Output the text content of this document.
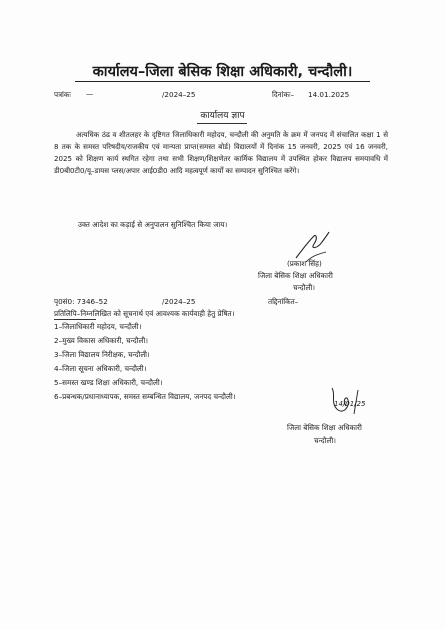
कार्यालय–जिला बेसिक शिक्षा अधिकारी, चन्दौली।
पत्रांकः —	/2024–25	दिनांकः– 14.01.2025
कार्यालय ज्ञाप
अत्यधिक ठंढ व शीतलहर के दृष्टिगत जिलाधिकारी महोदय, चन्दौली की अनुमति के क्रम में जनपद में संचालित कक्षा 1 से 8 तक के समस्त परिषदीय/राजकीय एवं मान्यता प्राप्त(समस्त बोर्ड) विद्यालयों में दिनांक 15 जनवरी, 2025 एवं 16 जनवरी, 2025 को शिक्षण कार्य स्थगित रहेगा तथा सभी शिक्षण/शिक्षणेतर कार्मिक विद्यालय में उपस्थित होकर विद्यालय समयावधि में डी0बी0टी0/यू–डायस प्लस/अपार आई0डी0 आदि महत्वपूर्ण कार्यों का सम्पादन सुनिश्चित करेंगे।
उक्त आदेश का कड़ाई से अनुपालन सुनिश्चित किया जाय।
(प्रकाश सिंह)
जिला बेसिक शिक्षा अधिकारी
चन्दौली।
पृ0सं0: 7346–52	/2024–25	तद्दिनांकित–
प्रतिलिपि–निम्नलिखित को सूचनार्थ एवं आवश्यक कार्यवाही हेतु प्रेषित।
1–जिलाधिकारी महोदय, चन्दौली।
2–मुख्य विकास अधिकारी, चन्दौली।
3–जिला विद्यालय निरीक्षक, चन्दौली।
4–जिला सूचना अधिकारी, चन्दौली।
5–समस्त खण्ड शिक्षा अधिकारी, चन्दौली।
6–प्रबन्धक/प्रधानाध्यापक, समस्त सम्बन्धित विद्यालय, जनपद चन्दौली।
14/01/25
जिला बेसिक शिक्षा अधिकारी
चन्दौली।
